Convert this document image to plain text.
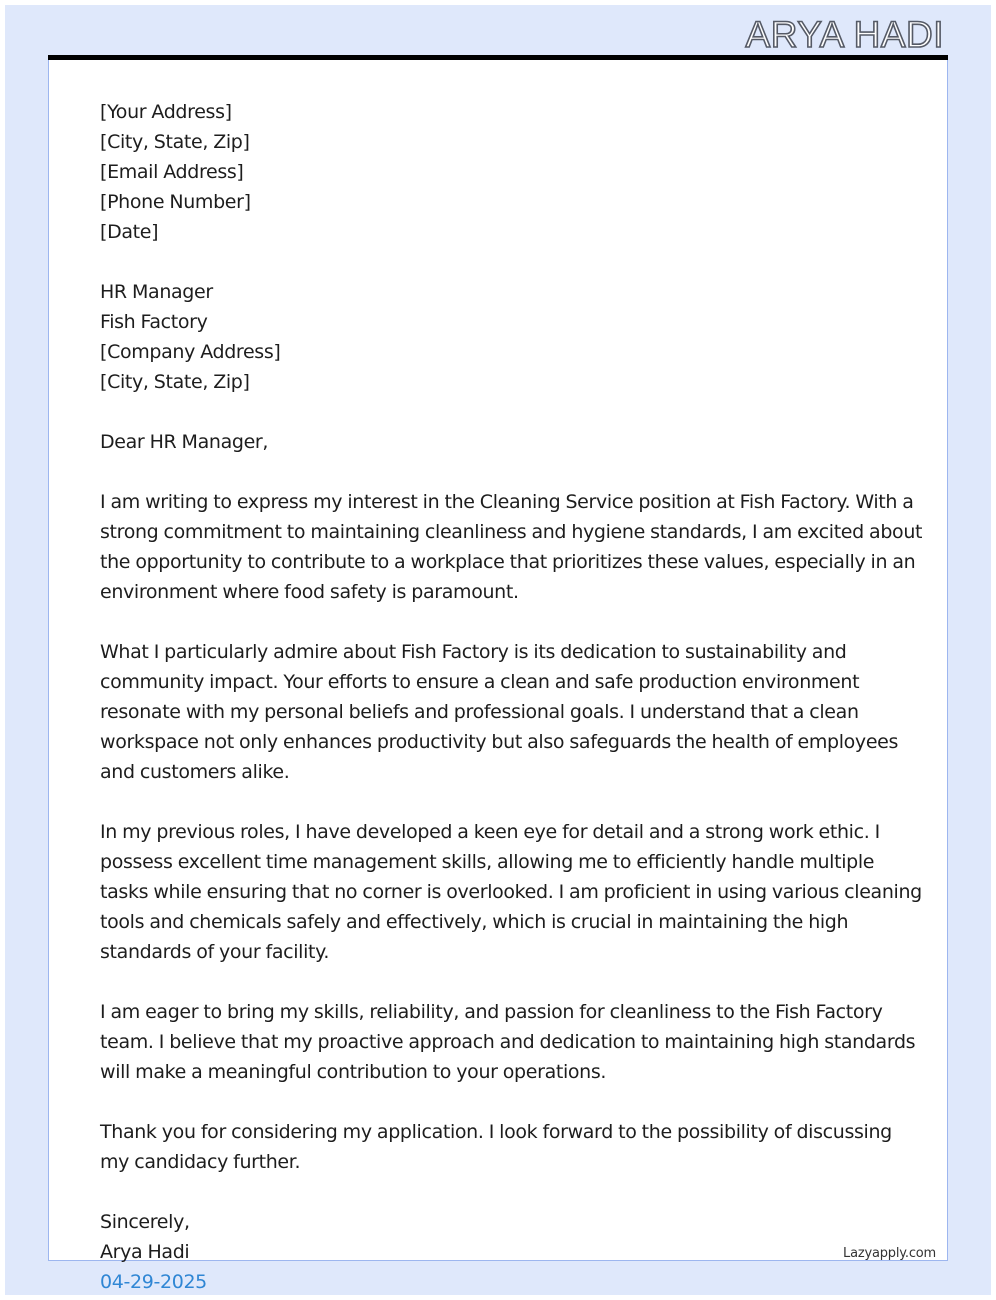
ARYA HADI
[Your Address]
[City, State, Zip]
[Email Address]
[Phone Number]
[Date]
HR Manager
Fish Factory
[Company Address]
[City, State, Zip]
Dear HR Manager,
I am writing to express my interest in the Cleaning Service position at Fish Factory. With a
strong commitment to maintaining cleanliness and hygiene standards, I am excited about
the opportunity to contribute to a workplace that prioritizes these values, especially in an
environment where food safety is paramount.
What I particularly admire about Fish Factory is its dedication to sustainability and
community impact. Your efforts to ensure a clean and safe production environment
resonate with my personal beliefs and professional goals. I understand that a clean
workspace not only enhances productivity but also safeguards the health of employees
and customers alike.
In my previous roles, I have developed a keen eye for detail and a strong work ethic. I
possess excellent time management skills, allowing me to efficiently handle multiple
tasks while ensuring that no corner is overlooked. I am proficient in using various cleaning
tools and chemicals safely and effectively, which is crucial in maintaining the high
standards of your facility.
I am eager to bring my skills, reliability, and passion for cleanliness to the Fish Factory
team. I believe that my proactive approach and dedication to maintaining high standards
will make a meaningful contribution to your operations.
Thank you for considering my application. I look forward to the possibility of discussing
my candidacy further.
Sincerely,
Arya Hadi
04-29-2025
Lazyapply.com
